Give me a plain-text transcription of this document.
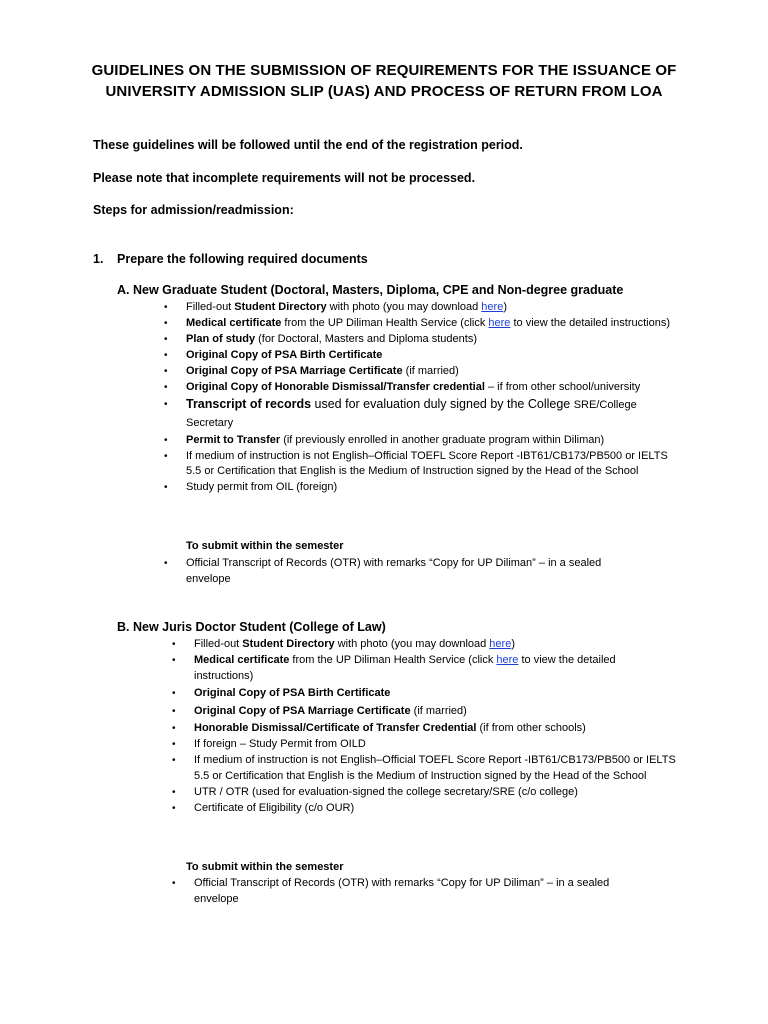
GUIDELINES ON THE SUBMISSION OF REQUIREMENTS FOR THE ISSUANCE OF
UNIVERSITY ADMISSION SLIP (UAS) AND PROCESS OF RETURN FROM LOA
These guidelines will be followed until the end of the registration period.
Please note that incomplete requirements will not be processed.
Steps for admission/readmission:
1. Prepare the following required documents
A. New Graduate Student (Doctoral, Masters, Diploma, CPE and Non-degree graduate
• Filled-out Student Directory with photo (you may download here)
• Medical certificate from the UP Diliman Health Service (click here to view the detailed instructions)
• Plan of study (for Doctoral, Masters and Diploma students)
• Original Copy of PSA Birth Certificate
• Original Copy of PSA Marriage Certificate (if married)
• Original Copy of Honorable Dismissal/Transfer credential – if from other school/university
• Transcript of records used for evaluation duly signed by the College SRE/College Secretary
• Permit to Transfer (if previously enrolled in another graduate program within Diliman)
• If medium of instruction is not English–Official TOEFL Score Report -IBT61/CB173/PB500 or IELTS 5.5 or Certification that English is the Medium of Instruction signed by the Head of the School
• Study permit from OIL (foreign)
To submit within the semester
• Official Transcript of Records (OTR) with remarks “Copy for UP Diliman” – in a sealed envelope
B. New Juris Doctor Student (College of Law)
• Filled-out Student Directory with photo (you may download here)
• Medical certificate from the UP Diliman Health Service (click here to view the detailed instructions)
• Original Copy of PSA Birth Certificate
• Original Copy of PSA Marriage Certificate (if married)
• Honorable Dismissal/Certificate of Transfer Credential (if from other schools)
• If foreign – Study Permit from OILD
• If medium of instruction is not English–Official TOEFL Score Report -IBT61/CB173/PB500 or IELTS 5.5 or Certification that English is the Medium of Instruction signed by the Head of the School
• UTR / OTR (used for evaluation-signed the college secretary/SRE (c/o college)
• Certificate of Eligibility (c/o OUR)
To submit within the semester
• Official Transcript of Records (OTR) with remarks “Copy for UP Diliman” – in a sealed envelope
